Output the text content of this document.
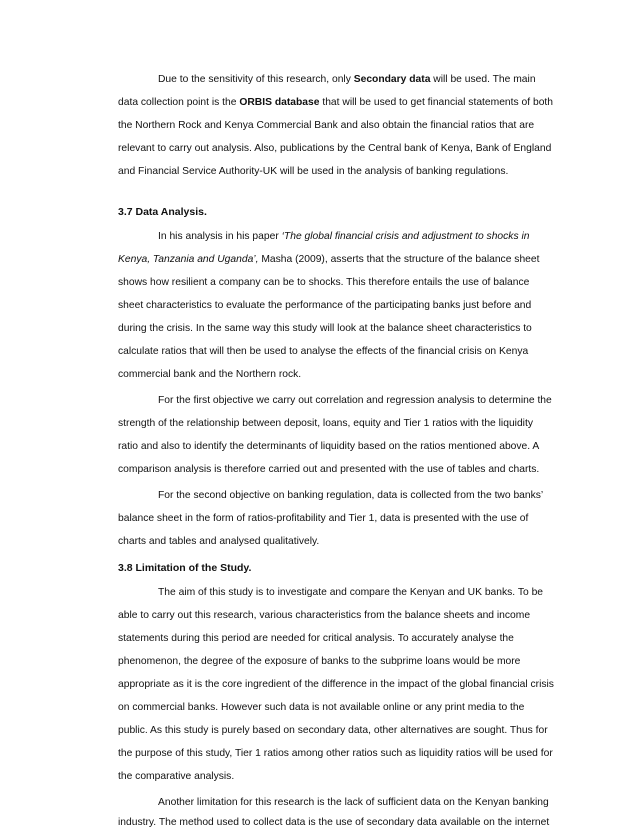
Due to the sensitivity of this research, only Secondary data will be used. The main
data collection point is the ORBIS database that will be used to get financial statements of both
the Northern Rock and Kenya Commercial Bank and also obtain the financial ratios that are
relevant to carry out analysis. Also, publications by the Central bank of Kenya, Bank of England
and Financial Service Authority-UK will be used in the analysis of banking regulations.
3.7 Data Analysis.
In his analysis in his paper ‘The global financial crisis and adjustment to shocks in
Kenya, Tanzania and Uganda’, Masha (2009), asserts that the structure of the balance sheet
shows how resilient a company can be to shocks. This therefore entails the use of balance
sheet characteristics to evaluate the performance of the participating banks just before and
during the crisis. In the same way this study will look at the balance sheet characteristics to
calculate ratios that will then be used to analyse the effects of the financial crisis on Kenya
commercial bank and the Northern rock.
For the first objective we carry out correlation and regression analysis to determine the
strength of the relationship between deposit, loans, equity and Tier 1 ratios with the liquidity
ratio and also to identify the determinants of liquidity based on the ratios mentioned above. A
comparison analysis is therefore carried out and presented with the use of tables and charts.
For the second objective on banking regulation, data is collected from the two banks’
balance sheet in the form of ratios-profitability and Tier 1, data is presented with the use of
charts and tables and analysed qualitatively.
3.8 Limitation of the Study.
The aim of this study is to investigate and compare the Kenyan and UK banks. To be
able to carry out this research, various characteristics from the balance sheets and income
statements during this period are needed for critical analysis. To accurately analyse the
phenomenon, the degree of the exposure of banks to the subprime loans would be more
appropriate as it is the core ingredient of the difference in the impact of the global financial crisis
on commercial banks. However such data is not available online or any print media to the
public. As this study is purely based on secondary data, other alternatives are sought. Thus for
the purpose of this study, Tier 1 ratios among other ratios such as liquidity ratios will be used for
the comparative analysis.
Another limitation for this research is the lack of sufficient data on the Kenyan banking
industry. The method used to collect data is the use of secondary data available on the internet
